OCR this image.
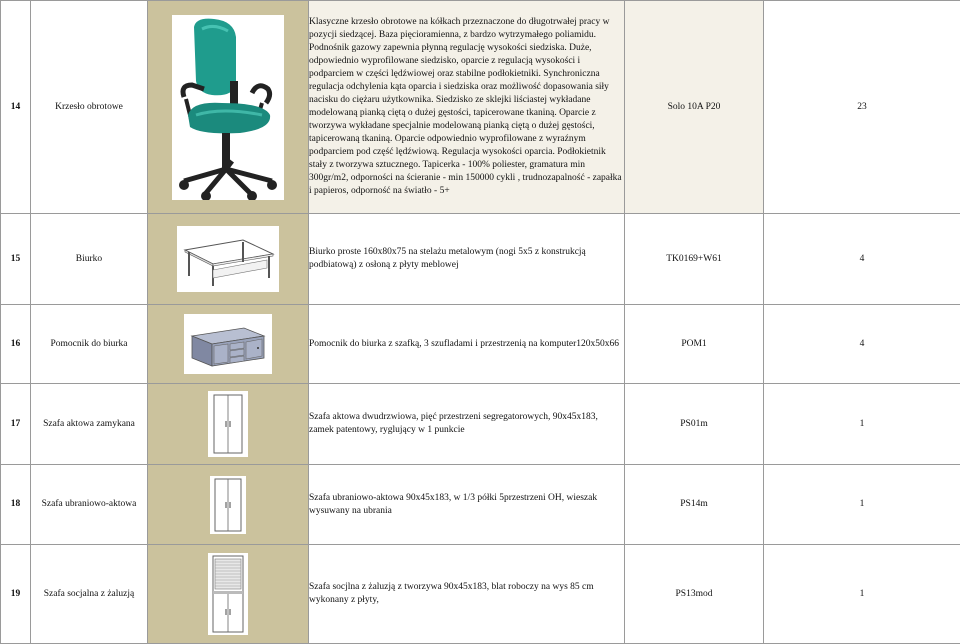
14	Krzesło obrotowe		Klasyczne krzesło obrotowe na kółkach przeznaczone do długotrwałej pracy w pozycji siedzącej. Baza pięcioramienna, z bardzo wytrzymałego poliamidu. Podnośnik gazowy zapewnia płynną regulację wysokości siedziska. Duże, odpowiednio wyprofilowane siedzisko, oparcie z regulacją wysokości i podparciem w części lędźwiowej oraz stabilne podłokietniki. Synchroniczna regulacja odchylenia kąta oparcia i siedziska oraz możliwość dopasowania siły nacisku do ciężaru użytkownika. Siedzisko ze sklejki liściastej wykładane modelowaną pianką ciętą o dużej gęstości, tapicerowane tkaniną. Oparcie z tworzywa wykładane specjalnie modelowaną pianką ciętą o dużej gęstości, tapicerowaną tkaniną. Oparcie odpowiednio wyprofilowane z wyraźnym podparciem pod część lędźwiową. Regulacja wysokości oparcia. Podłokietnik stały z tworzywa sztucznego. Tapicerka - 100% poliester, gramatura min 300gr/m2, odporności na ścieranie - min 150000 cykli , trudnozapalność - zapałka i papieros, odporność na światło - 5+	Solo 10A P20	23
15	Biurko		Biurko proste 160x80x75 na stelażu metalowym (nogi 5x5 z konstrukcją podbiatową) z osłoną z płyty meblowej	TK0169+W61	4
16	Pomocnik do biurka		Pomocnik do biurka z szafką, 3 szufladami i przestrzenią na komputer120x50x66	POM1	4
17	Szafa aktowa zamykana		Szafa aktowa dwudrzwiowa, pięć przestrzeni segregatorowych, 90x45x183, zamek patentowy, ryglujący w 1 punkcie	PS01m	1
18	Szafa ubraniowo-aktowa		Szafa ubraniowo-aktowa 90x45x183, w 1/3 półki 5przestrzeni OH, wieszak wysuwany na ubrania	PS14m	1
19	Szafa socjalna z żaluzją		Szafa socjlna z żaluzją z tworzywa 90x45x183, blat roboczy na wys 85 cm wykonany z płyty,	PS13mod	1
